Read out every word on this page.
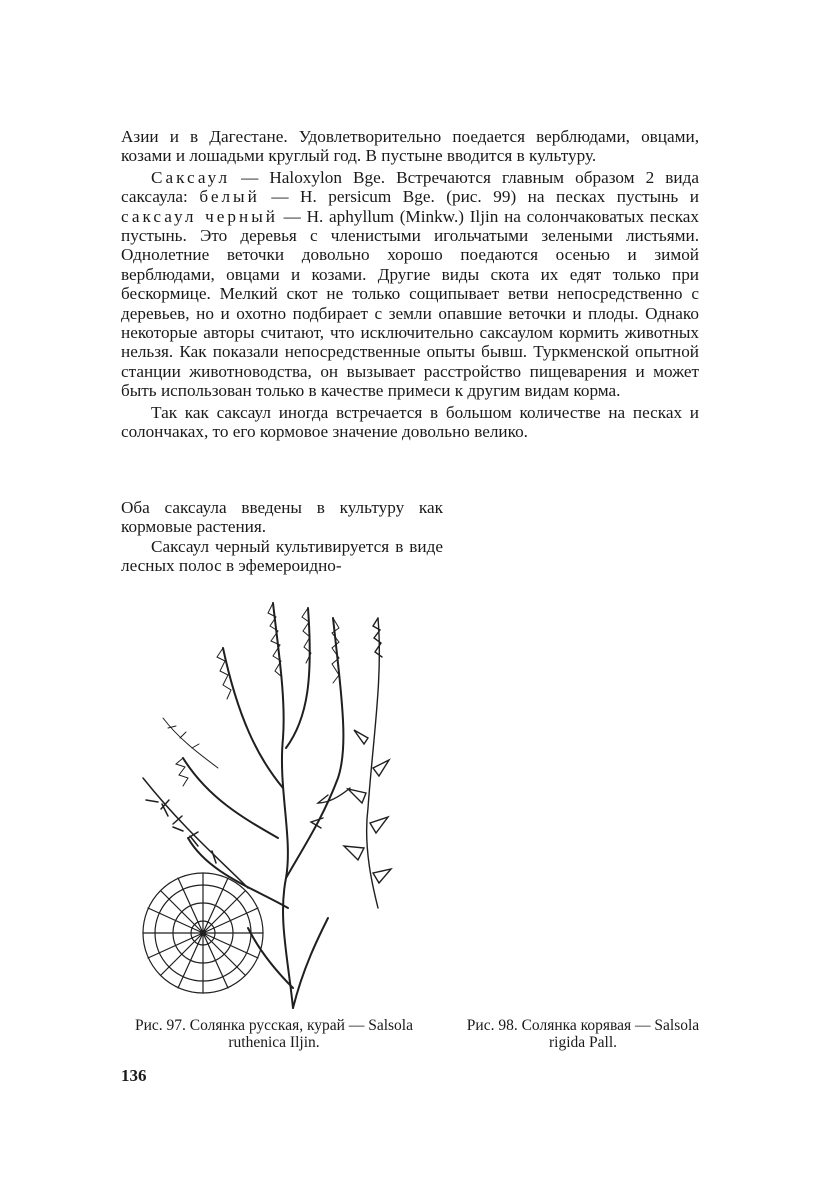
Азии и в Дагестане. Удовлетворительно поедается верблюдами, овцами, козами и лошадьми круглый год. В пустыне вводится в культуру.

Саксаул — Haloxylon Bge. Встречаются главным образом 2 вида саксаула: белый — H. persicum Bge. (рис. 99) на песках пустынь и саксаул черный — H. aphyllum (Minkw.) Iljin на солончаковатых песках пустынь. Это деревья с членистыми игольчатыми зелеными листьями. Однолетние веточки довольно хорошо поедаются осенью и зимой верблюдами, овцами и козами. Другие виды скота их едят только при бескормице. Мелкий скот не только сощипывает ветви непосредственно с деревьев, но и охотно подбирает с земли опавшие веточки и плоды. Однако некоторые авторы считают, что исключительно саксаулом кормить животных нельзя. Как показали непосредственные опыты бывш. Туркменской опытной станции животноводства, он вызывает расстройство пищеварения и может быть использован только в качестве примеси к другим видам корма.

Так как саксаул иногда встречается в большом количестве на песках и солончаках, то его кормовое значение довольно велико.

Оба саксаула введены в культуру как кормовые растения.

Саксаул черный культивируется в виде лесных полос в эфемероидно-

Рис. 97. Солянка русская, курай — Salsola ruthenica Iljin.
Рис. 98. Солянка корявая — Salsola rigida Pall.
136
